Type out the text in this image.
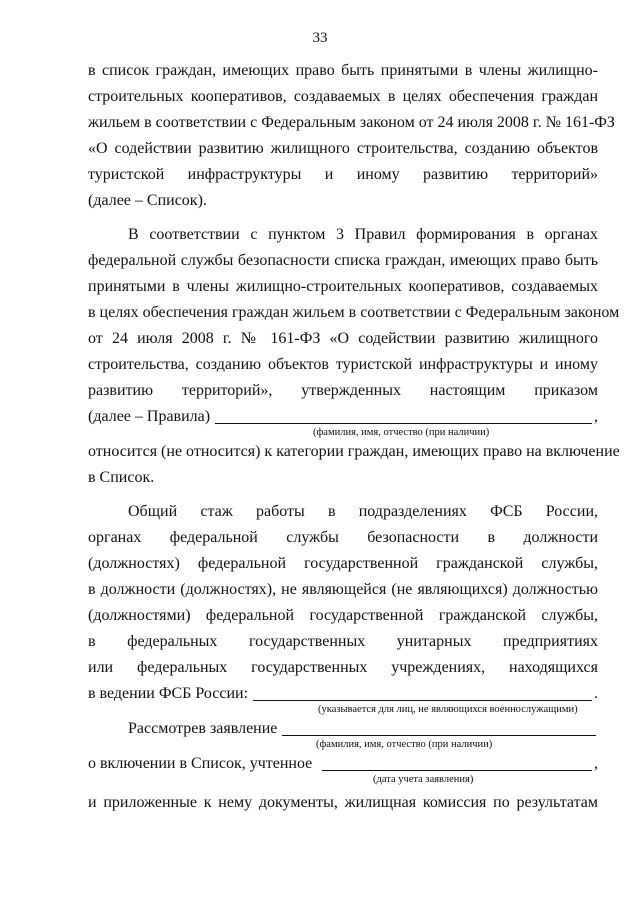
33
в список граждан, имеющих право быть принятыми в члены жилищно-
строительных кооперативов, создаваемых в целях обеспечения граждан
жильем в соответствии с Федеральным законом от 24 июля 2008 г. № 161-ФЗ
«О содействии развитию жилищного строительства, созданию объектов
туристской инфраструктуры и иному развитию территорий»
(далее – Список).
В соответствии с пунктом 3 Правил формирования в органах
федеральной службы безопасности списка граждан, имеющих право быть
принятыми в члены жилищно-строительных кооперативов, создаваемых
в целях обеспечения граждан жильем в соответствии с Федеральным законом
от 24 июля 2008 г. № 161-ФЗ «О содействии развитию жилищного
строительства, созданию объектов туристской инфраструктуры и иному
развитию территорий», утвержденных настоящим приказом
(далее – Правила)	,
(фамилия, имя, отчество (при наличии)
относится (не относится) к категории граждан, имеющих право на включение
в Список.
Общий стаж работы в подразделениях ФСБ России,
органах федеральной службы безопасности в должности
(должностях) федеральной государственной гражданской службы,
в должности (должностях), не являющейся (не являющихся) должностью
(должностями) федеральной государственной гражданской службы,
в федеральных государственных унитарных предприятиях
или федеральных государственных учреждениях, находящихся
в ведении ФСБ России:	.
(указывается для лиц, не являющихся военнослужащими)
Рассмотрев заявление
(фамилия, имя, отчество (при наличии)
о включении в Список, учтенное	,
(дата учета заявления)
и приложенные к нему документы, жилищная комиссия по результатам
